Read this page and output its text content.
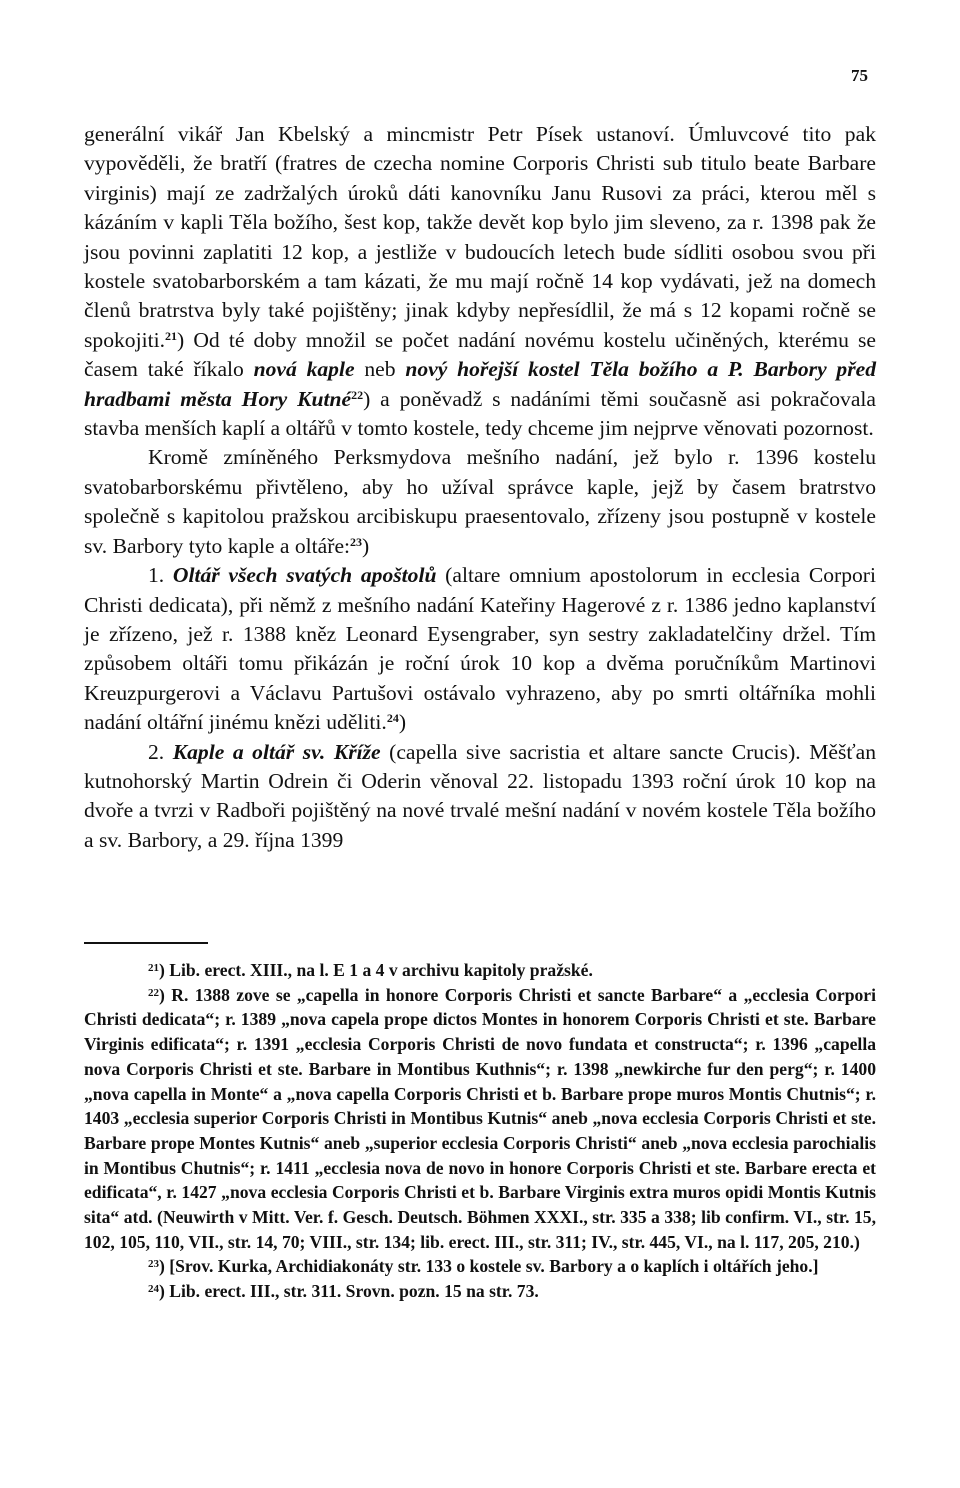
75

generální vikář Jan Kbelský a mincmistr Petr Písek ustanoví. Úmluvcové tito pak vypověděli, že bratří (fratres de czecha nomine Corporis Christi sub titulo beate Barbare virginis) mají ze zadržalých úroků dáti kanovníku Janu Rusovi za práci, kterou měl s kázáním v kapli Těla božího, šest kop, takže devět kop bylo jim sleveno, za r. 1398 pak že jsou povinni zaplatiti 12 kop, a jestliže v budoucích letech bude sídliti osobou svou při kostele svatobarborském a tam kázati, že mu mají ročně 14 kop vydávati, jež na domech členů bratrstva byly také pojištěny; jinak kdyby nepřesídlil, že má s 12 kopami ročně se spokojiti.$^{21}$) Od té doby množil se počet nadání novému kostelu učiněných, kterému se časem také říkalo nová kaple neb nový hořejší kostel Těla božího a P. Barbory před hradbami města Hory Kutné$^{22}$) a poněvadž s nadáními těmi současně asi pokračovala stavba menších kaplí a oltářů v tomto kostele, tedy chceme jim nejprve věnovati pozornost.

Kromě zmíněného Perksmydova mešního nadání, jež bylo r. 1396 kostelu svatobarborskému přivtěleno, aby ho užíval správce kaple, jejž by časem bratrstvo společně s kapitolou pražskou arcibiskupu praesentovalo, zřízeny jsou postupně v kostele sv. Barbory tyto kaple a oltáře:$^{23}$)

1. Oltář všech svatých apoštolů (altare omnium apostolorum in ecclesia Corpori Christi dedicata), při němž z mešního nadání Kateřiny Hagerové z r. 1386 jedno kaplanství je zřízeno, jež r. 1388 kněz Leonard Eysengraber, syn sestry zakladatelčiny držel. Tím způsobem oltáři tomu přikázán je roční úrok 10 kop a dvěma poručníkům Martinovi Kreuzpurgerovi a Václavu Partušovi ostávalo vyhrazeno, aby po smrti oltářníka mohli nadání oltářní jinému knězi uděliti.$^{24}$)

2. Kaple a oltář sv. Kříže (capella sive sacristia et altare sancte Crucis). Měšťan kutnohorský Martin Odrein či Oderin věnoval 22. listopadu 1393 roční úrok 10 kop na dvoře a tvrzi v Radboři pojištěný na nové trvalé mešní nadání v novém kostele Těla božího a sv. Barbory, a 29. října 1399

$^{21}$) Lib. erect. XIII., na l. E 1 a 4 v archivu kapitoly pražské.

$^{22}$) R. 1388 zove se „capella in honore Corporis Christi et sancte Barbare“ a „ecclesia Corpori Christi dedicata“; r. 1389 „nova capela prope dictos Montes in honorem Corporis Christi et ste. Barbare Virginis edificata“; r. 1391 „ecclesia Corporis Christi de novo fundata et constructa“; r. 1396 „capella nova Corporis Christi et ste. Barbare in Montibus Kuthnis“; r. 1398 „newkirche fur den perg“; r. 1400 „nova capella in Monte“ a „nova capella Corporis Christi et b. Barbare prope muros Montis Chutnis“; r. 1403 „ecclesia superior Corporis Christi in Montibus Kutnis“ aneb „nova ecclesia Corporis Christi et ste. Barbare prope Montes Kutnis“ aneb „superior ecclesia Corporis Christi“ aneb „nova ecclesia parochialis in Montibus Chutnis“; r. 1411 „ecclesia nova de novo in honore Corporis Christi et ste. Barbare erecta et edificata“, r. 1427 „nova ecclesia Corporis Christi et b. Barbare Virginis extra muros opidi Montis Kutnis sita“ atd. (Neuwirth v Mitt. Ver. f. Gesch. Deutsch. Böhmen XXXI., str. 335 a 338; lib confirm. VI., str. 15, 102, 105, 110, VII., str. 14, 70; VIII., str. 134; lib. erect. III., str. 311; IV., str. 445, VI., na l. 117, 205, 210.)

$^{23}$) [Srov. Kurka, Archidiakonáty str. 133 o kostele sv. Barbory a o kaplích i oltářích jeho.]

$^{24}$) Lib. erect. III., str. 311. Srovn. pozn. 15 na str. 73.
